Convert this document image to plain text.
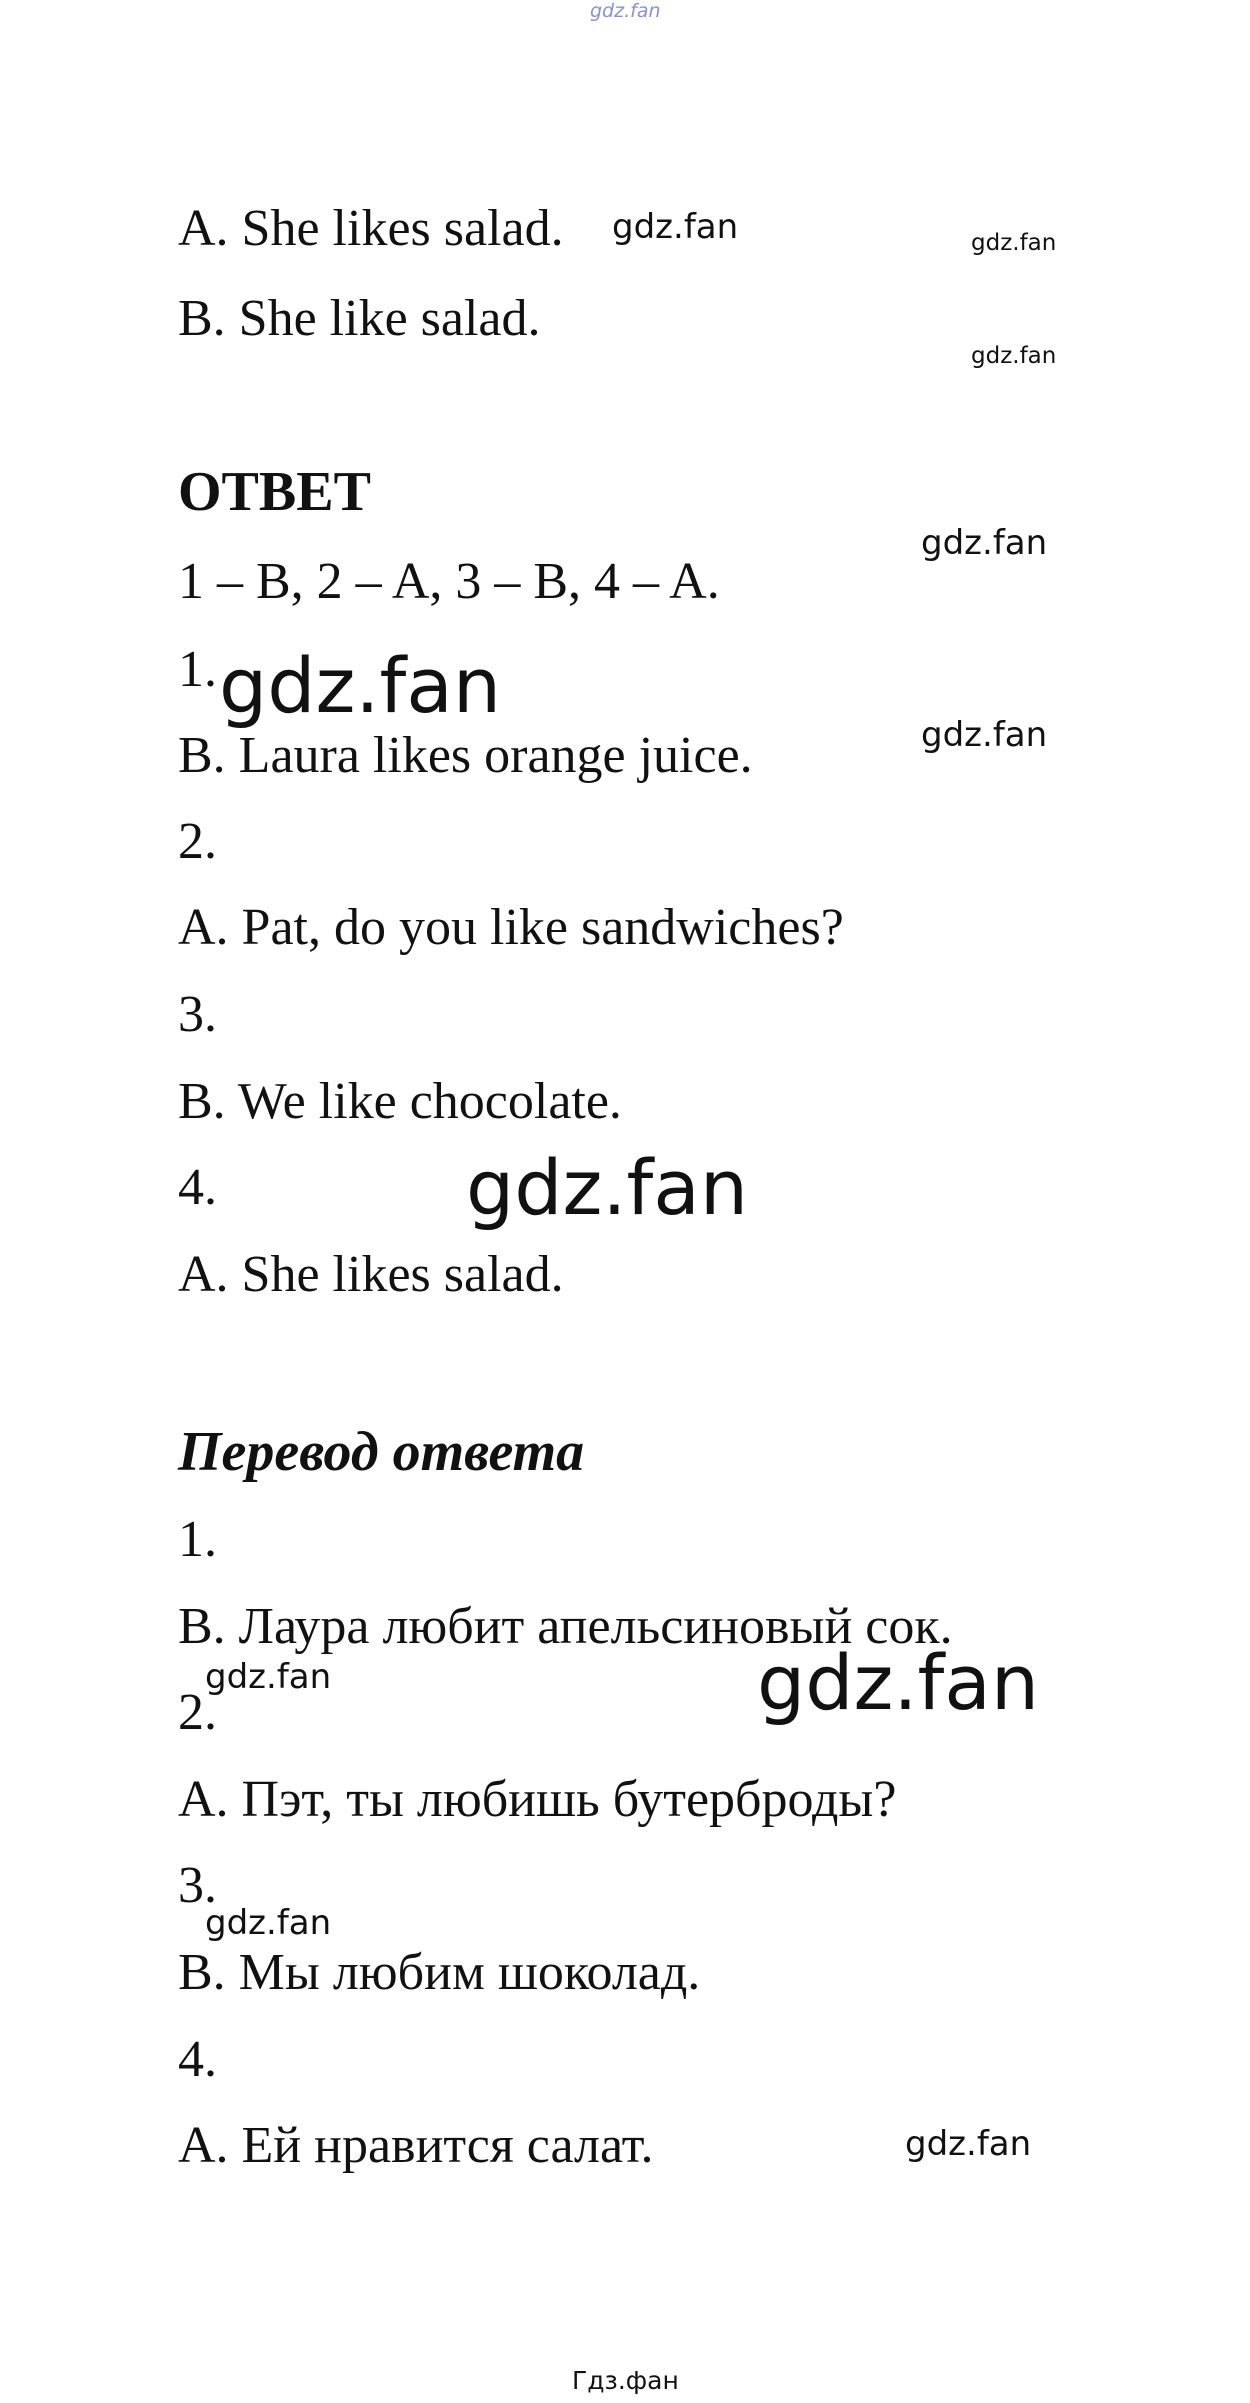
gdz.fan
A. She likes salad.
B. She like salad.
ОТВЕТ
1 – B, 2 – A, 3 – B, 4 – A.
1.
B. Laura likes orange juice.
2.
A. Pat, do you like sandwiches?
3.
B. We like chocolate.
4.
A. She likes salad.
Перевод ответа
1.
B. Лаура любит апельсиновый сок.
2.
A. Пэт, ты любишь бутерброды?
3.
B. Мы любим шоколад.
4.
A. Ей нравится салат.
gdz.fan	gdz.fan
gdz.fan
gdz.fan
gdz.fan
gdz.fan
gdz.fan
gdz.fan
gdz.fan
gdz.fan
gdz.fan
Гдз.фан
